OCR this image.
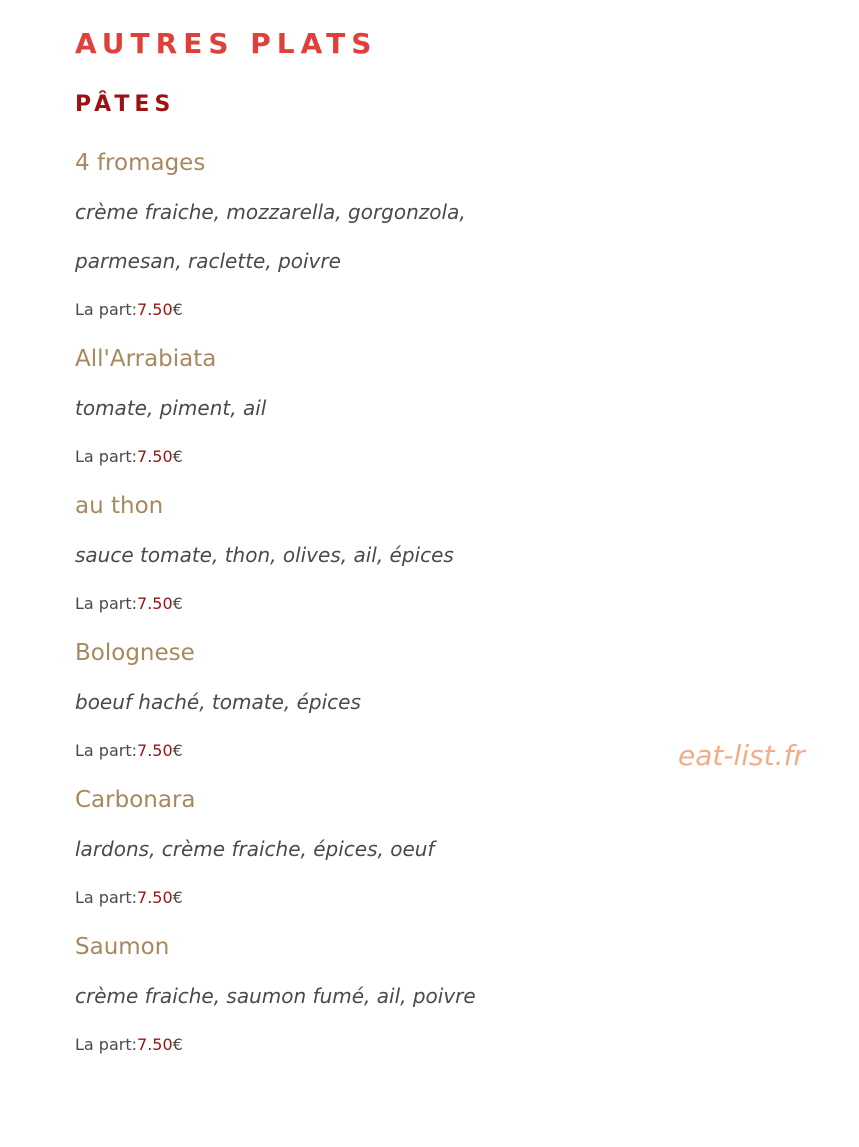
AUTRES PLATS
PÂTES
4 fromages
crème fraiche, mozzarella, gorgonzola,
parmesan, raclette, poivre
La part:7.50€
All'Arrabiata
tomate, piment, ail
La part:7.50€
au thon
sauce tomate, thon, olives, ail, épices
La part:7.50€
Bolognese
boeuf haché, tomate, épices
La part:7.50€
Carbonara
lardons, crème fraiche, épices, oeuf
La part:7.50€
Saumon
crème fraiche, saumon fumé, ail, poivre
La part:7.50€
eat-list.fr
